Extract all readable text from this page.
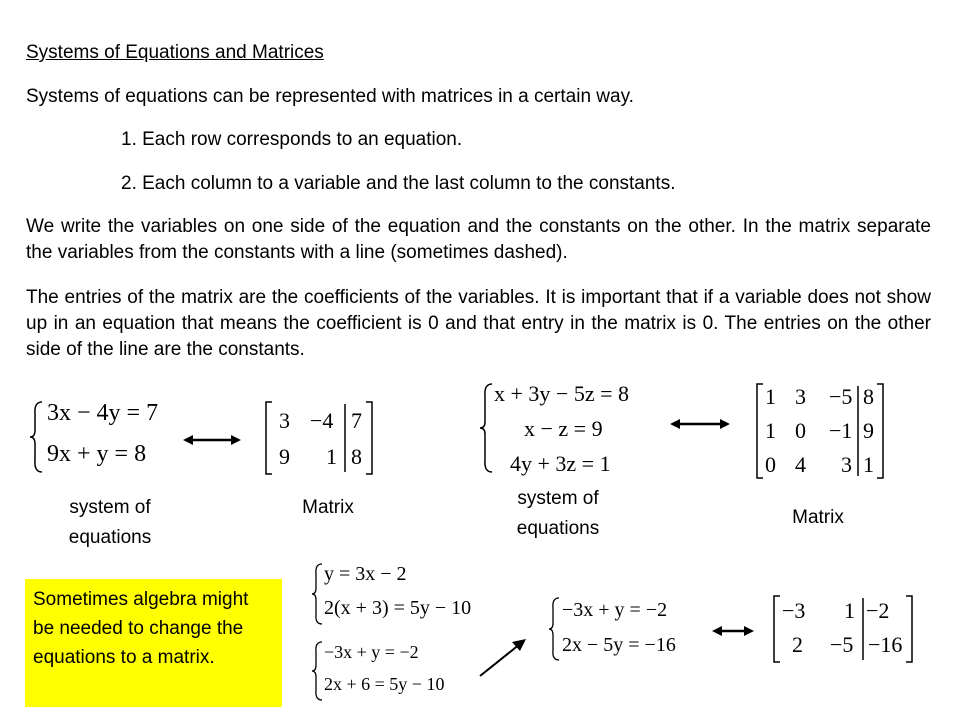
Systems of Equations and Matrices
Systems of equations can be represented with matrices in a certain way.
1. Each row corresponds to an equation.
2. Each column to a variable and the last column to the constants.
We write the variables on one side of the equation and the constants on the other. In the matrix separate the variables from the constants with a line (sometimes dashed).
The entries of the matrix are the coefficients of the variables. It is important that if a variable does not show up in an equation that means the coefficient is 0 and that entry in the matrix is 0. The entries on the other side of the line are the constants.
3x − 4y = 7
9x + y = 8
3 −4 7
9 1 8
system of
equations
Matrix
x + 3y − 5z = 8
x − z = 9
4y + 3z = 1
1 3 −5 8
1 0 −1 9
0 4 3 1
system of
equations
Matrix
Sometimes algebra might be needed to change the equations to a matrix.
y = 3x − 2
2(x + 3) = 5y − 10
−3x + y = −2
2x + 6 = 5y − 10
−3x + y = −2
2x − 5y = −16
−3 1 −2
2 −5 −16
